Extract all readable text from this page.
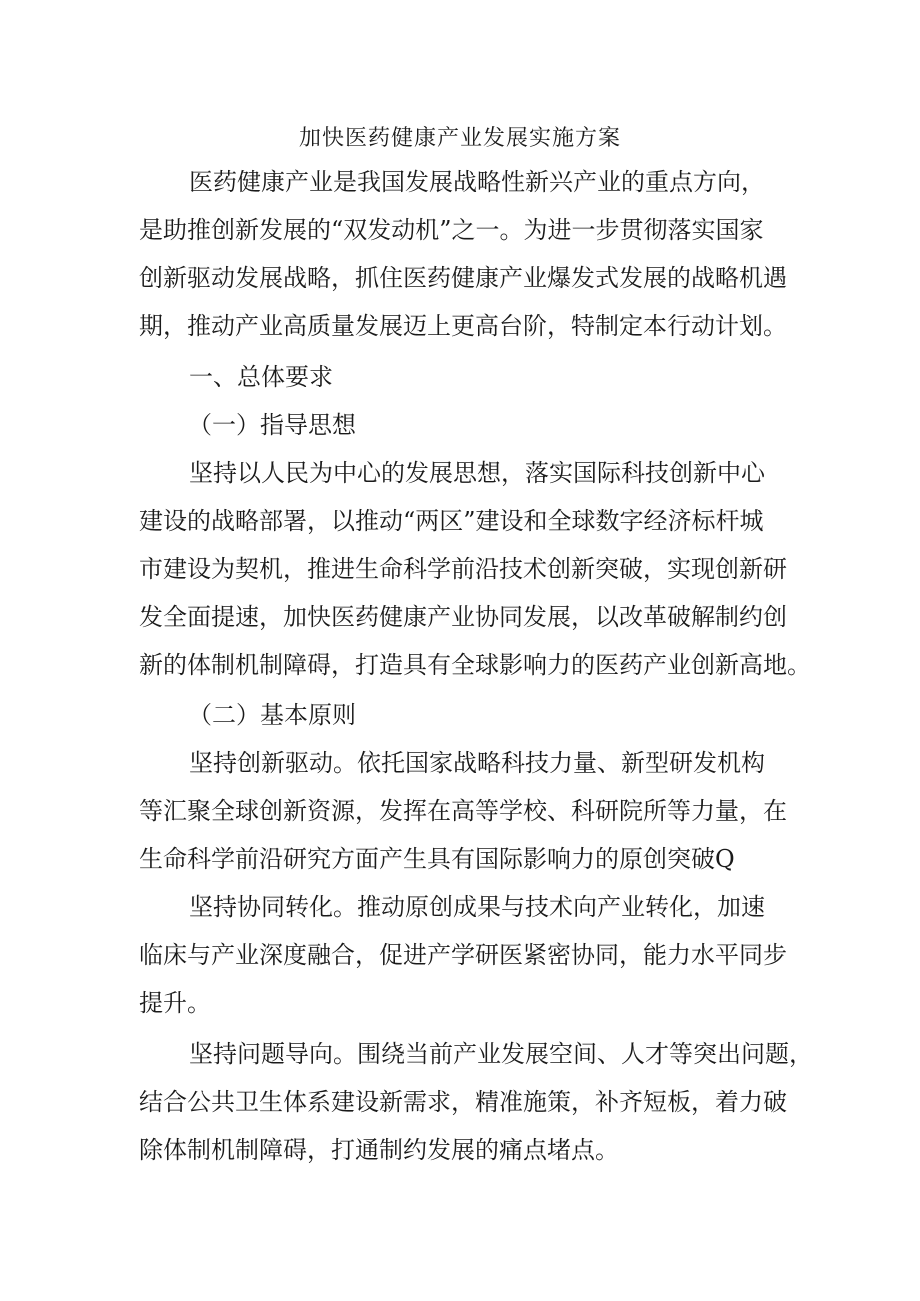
加快医药健康产业发展实施方案
医药健康产业是我国发展战略性新兴产业的重点方向，
是助推创新发展的“双发动机”之一。为进一步贯彻落实国家
创新驱动发展战略，抓住医药健康产业爆发式发展的战略机遇
期，推动产业高质量发展迈上更高台阶，特制定本行动计划。
一、总体要求
（一）指导思想
坚持以人民为中心的发展思想，落实国际科技创新中心
建设的战略部署，以推动“两区”建设和全球数字经济标杆城
市建设为契机，推进生命科学前沿技术创新突破，实现创新研
发全面提速，加快医药健康产业协同发展，以改革破解制约创
新的体制机制障碍，打造具有全球影响力的医药产业创新高地。
（二）基本原则
坚持创新驱动。依托国家战略科技力量、新型研发机构
等汇聚全球创新资源，发挥在高等学校、科研院所等力量，在
生命科学前沿研究方面产生具有国际影响力的原创突破Q
坚持协同转化。推动原创成果与技术向产业转化，加速
临床与产业深度融合，促进产学研医紧密协同，能力水平同步
提升。
坚持问题导向。围绕当前产业发展空间、人才等突出问题，
结合公共卫生体系建设新需求，精准施策，补齐短板，着力破
除体制机制障碍，打通制约发展的痛点堵点。
